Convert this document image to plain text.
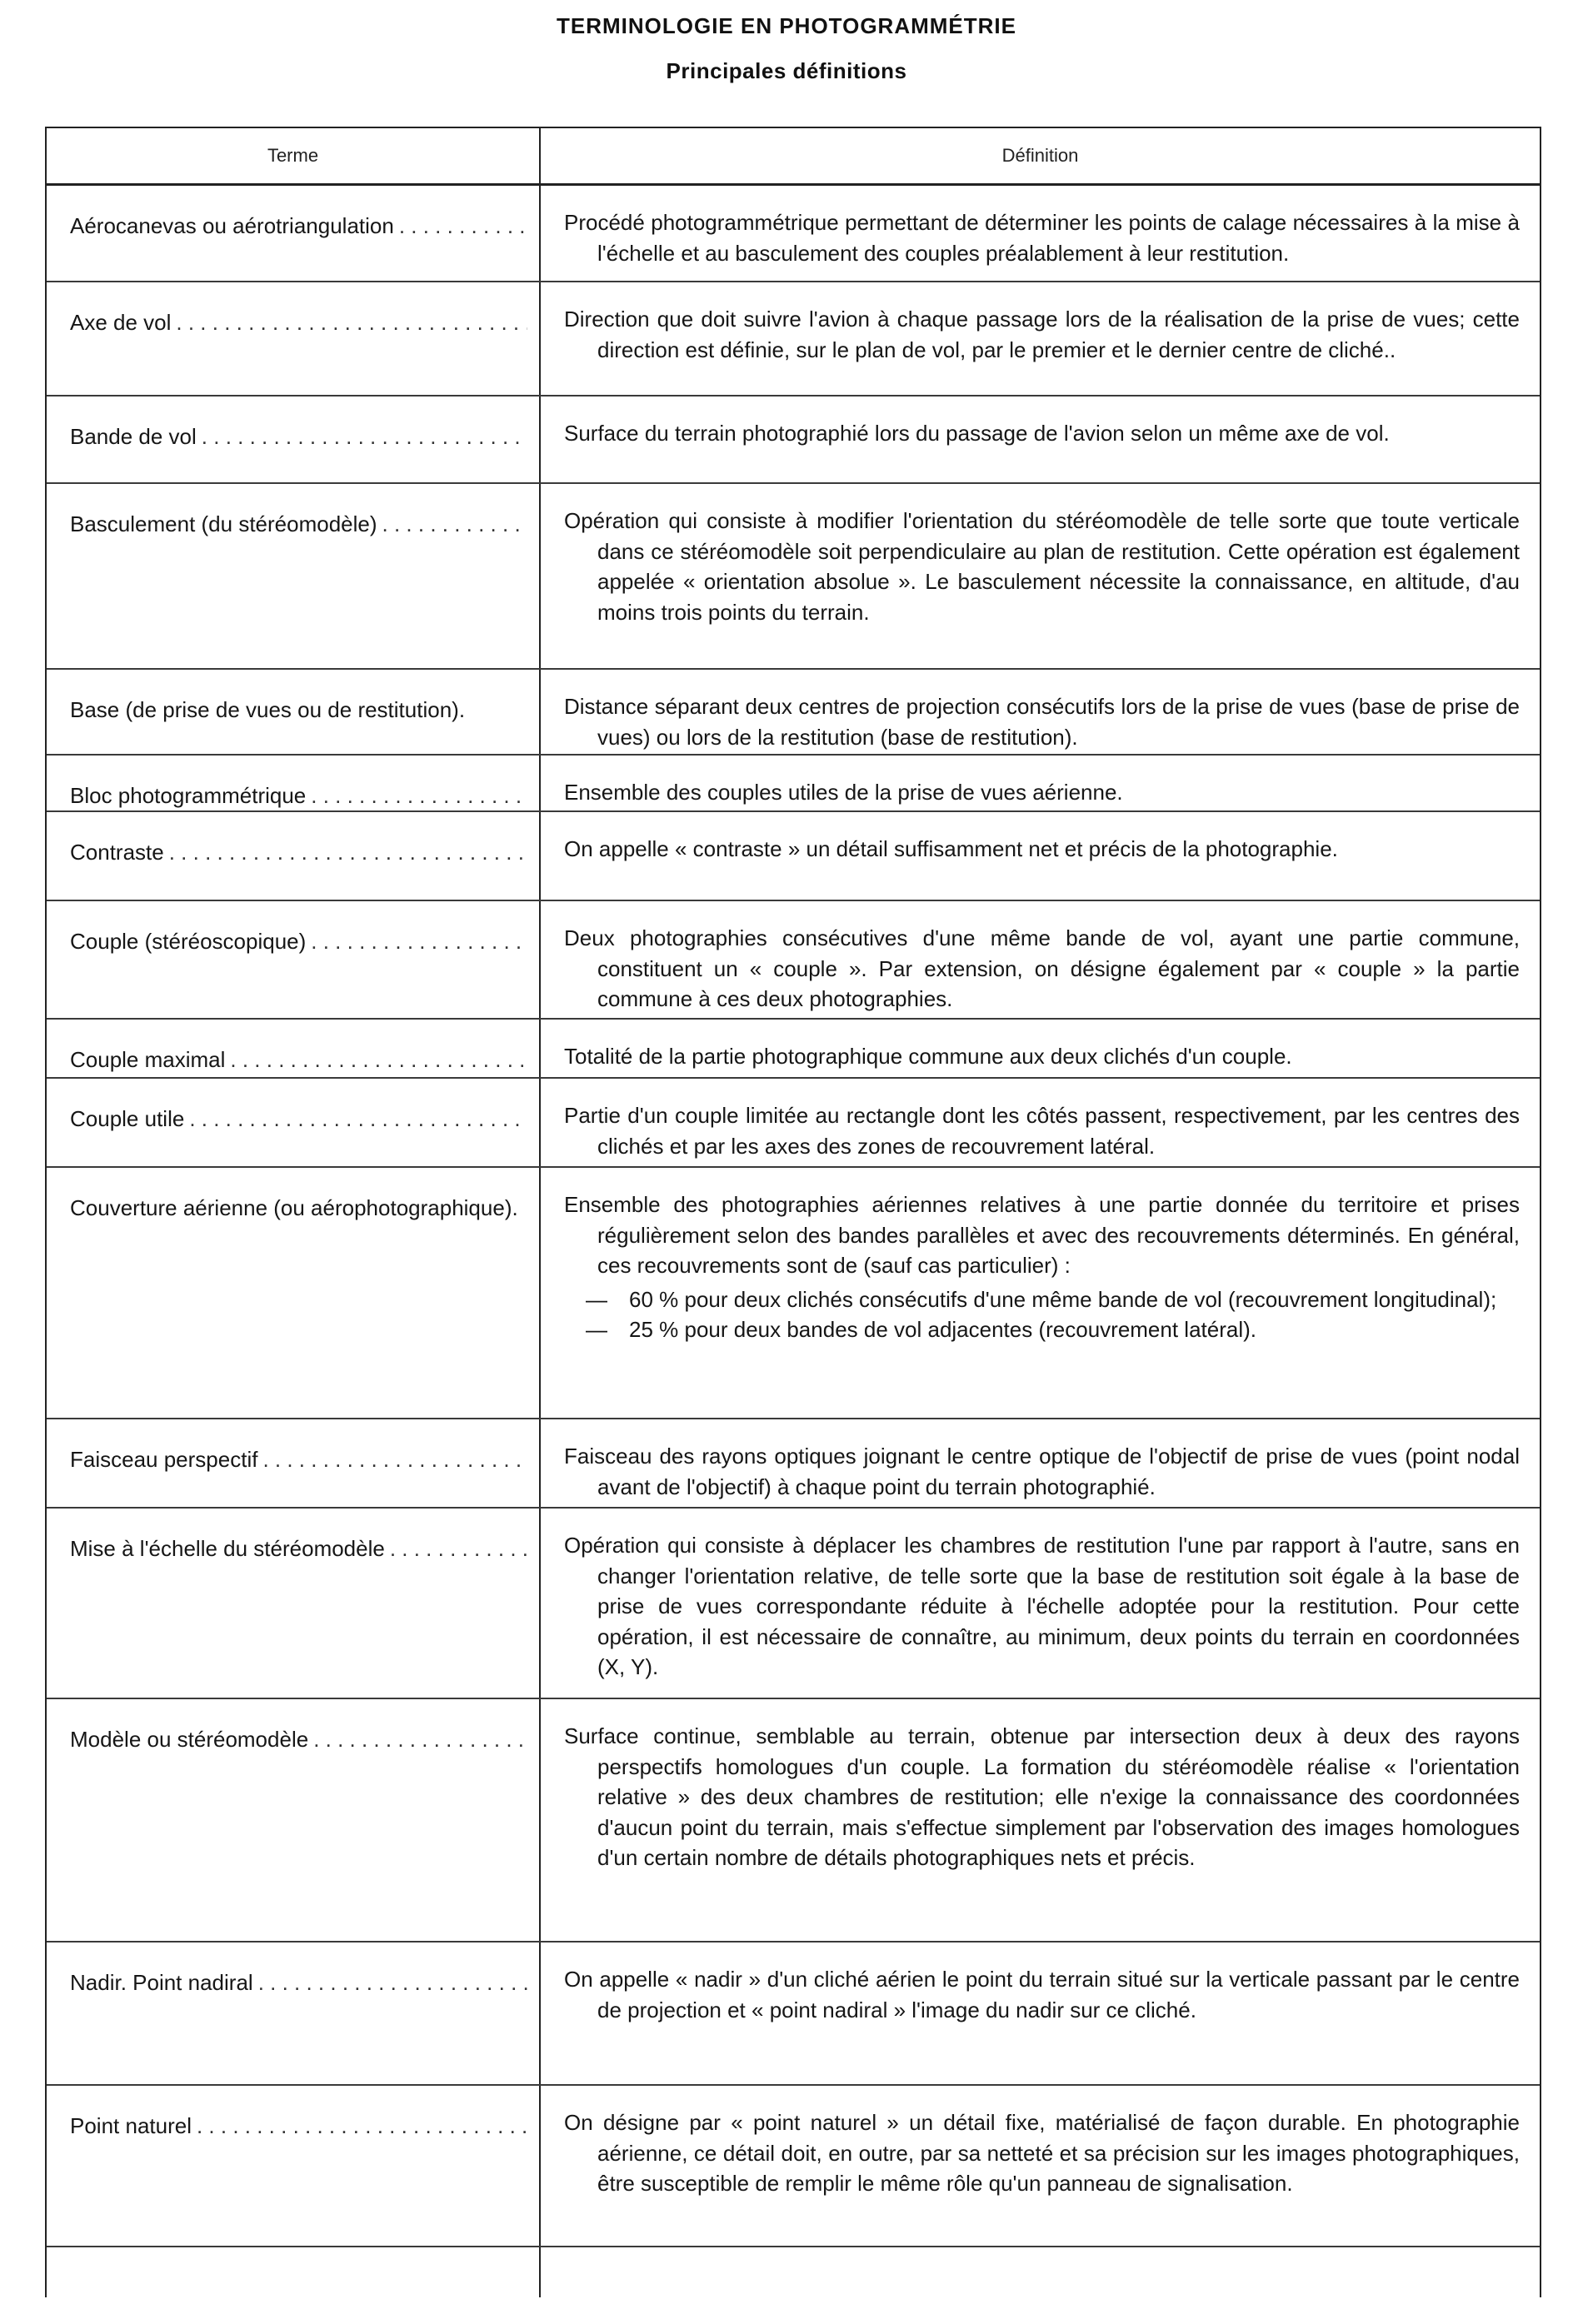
TERMINOLOGIE EN PHOTOGRAMMÉTRIE
Principales définitions
Terme	Définition
Aérocanevas ou aérotriangulation . . .	Procédé photogrammétrique permettant de déterminer les points de calage nécessaires à la mise à l'échelle et au basculement des couples préalablement à leur restitution.

Axe de vol . . .	Direction que doit suivre l'avion à chaque passage lors de la réalisation de la prise de vues; cette direction est définie, sur le plan de vol, par le premier et le dernier centre de cliché..

Bande de vol . . .	Surface du terrain photographié lors du passage de l'avion selon un même axe de vol.

Basculement (du stéréomodèle) . . .	Opération qui consiste à modifier l'orientation du stéréomodèle de telle sorte que toute verticale dans ce stéréomodèle soit perpendiculaire au plan de restitution. Cette opération est également appelée « orientation absolue ». Le basculement nécessite la connaissance, en altitude, d'au moins trois points du terrain.

Base (de prise de vues ou de restitution).	Distance séparant deux centres de projection consécutifs lors de la prise de vues (base de prise de vues) ou lors de la restitution (base de restitution).

Bloc photogrammétrique . . .	Ensemble des couples utiles de la prise de vues aérienne.

Contraste . . .	On appelle « contraste » un détail suffisamment net et précis de la photographie.

Couple (stéréoscopique) . . .	Deux photographies consécutives d'une même bande de vol, ayant une partie commune, constituent un « couple ». Par extension, on désigne également par « couple » la partie commune à ces deux photographies.

Couple maximal . . .	Totalité de la partie photographique commune aux deux clichés d'un couple.

Couple utile . . .	Partie d'un couple limitée au rectangle dont les côtés passent, respectivement, par les centres des clichés et par les axes des zones de recouvrement latéral.

Couverture aérienne (ou aérophotographique).	Ensemble des photographies aériennes relatives à une partie donnée du territoire et prises régulièrement selon des bandes parallèles et avec des recouvrements déterminés. En général, ces recouvrements sont de (sauf cas particulier) :

—	60 % pour deux clichés consécutifs d'une même bande de vol (recouvrement longitudinal);
—	25 % pour deux bandes de vol adjacentes (recouvrement latéral).
Faisceau perspectif . . .	Faisceau des rayons optiques joignant le centre optique de l'objectif de prise de vues (point nodal avant de l'objectif) à chaque point du terrain photographié.

Mise à l'échelle du stéréomodèle . . .	Opération qui consiste à déplacer les chambres de restitution l'une par rapport à l'autre, sans en changer l'orientation relative, de telle sorte que la base de restitution soit égale à la base de prise de vues correspondante réduite à l'échelle adoptée pour la restitution. Pour cette opération, il est nécessaire de connaître, au minimum, deux points du terrain en coordonnées (X, Y).

Modèle ou stéréomodèle . . .	Surface continue, semblable au terrain, obtenue par intersection deux à deux des rayons perspectifs homologues d'un couple. La formation du stéréomodèle réalise « l'orientation relative » des deux chambres de restitution; elle n'exige la connaissance des coordonnées d'aucun point du terrain, mais s'effectue simplement par l'observation des images homologues d'un certain nombre de détails photographiques nets et précis.

Nadir. Point nadiral . . .	On appelle « nadir » d'un cliché aérien le point du terrain situé sur la verticale passant par le centre de projection et « point nadiral » l'image du nadir sur ce cliché.

Point naturel . . .	On désigne par « point naturel » un détail fixe, matérialisé de façon durable. En photographie aérienne, ce détail doit, en outre, par sa netteté et sa précision sur les images photographiques, être susceptible de remplir le même rôle qu'un panneau de signalisation.
